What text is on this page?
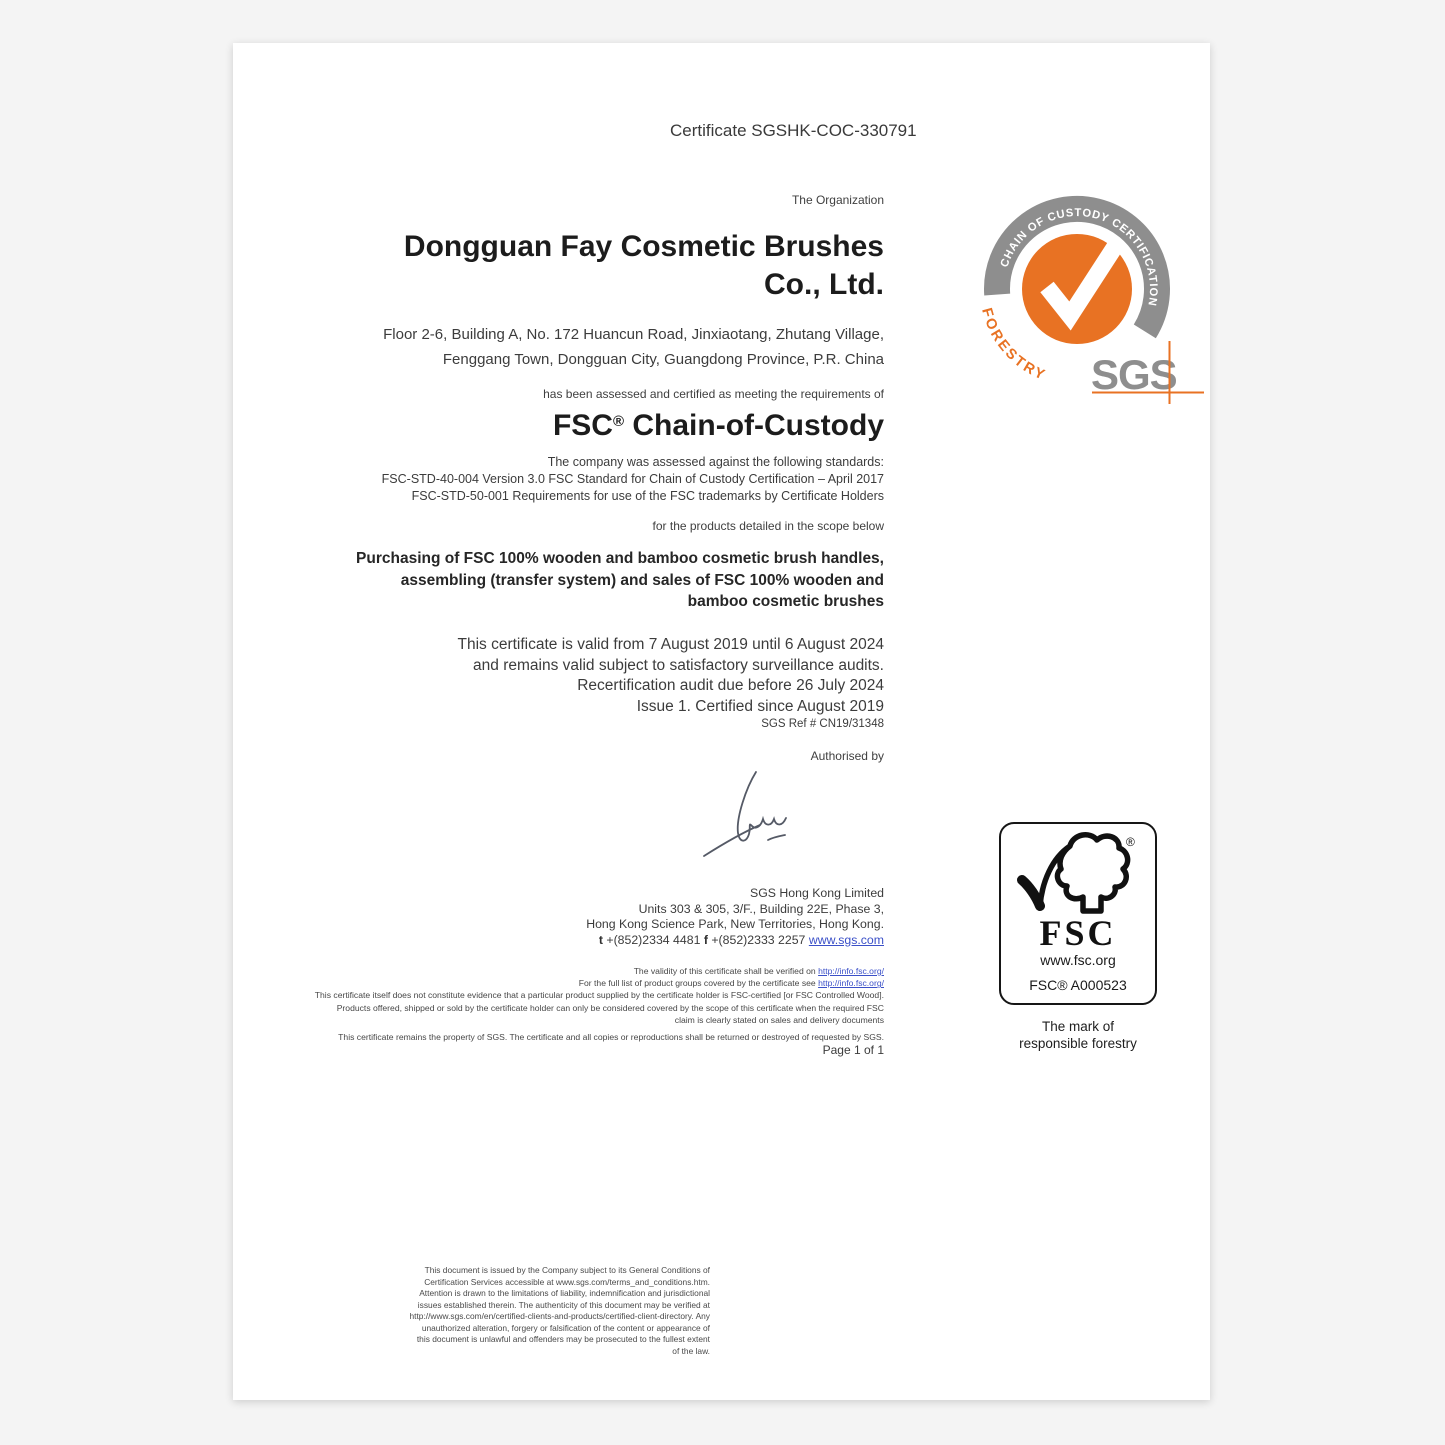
Certificate SGSHK-COC-330791
The Organization
Dongguan Fay Cosmetic Brushes
Co., Ltd.
Floor 2-6, Building A, No. 172 Huancun Road, Jinxiaotang, Zhutang Village,
Fenggang Town, Dongguan City, Guangdong Province, P.R. China
has been assessed and certified as meeting the requirements of
FSC® Chain-of-Custody
The company was assessed against the following standards:
FSC-STD-40-004 Version 3.0 FSC Standard for Chain of Custody Certification – April 2017
FSC-STD-50-001 Requirements for use of the FSC trademarks by Certificate Holders
for the products detailed in the scope below
Purchasing of FSC 100% wooden and bamboo cosmetic brush handles,
assembling (transfer system) and sales of FSC 100% wooden and
bamboo cosmetic brushes
This certificate is valid from 7 August 2019 until 6 August 2024
and remains valid subject to satisfactory surveillance audits.
Recertification audit due before 26 July 2024
Issue 1. Certified since August 2019
SGS Ref # CN19/31348
Authorised by
SGS Hong Kong Limited
Units 303 & 305, 3/F., Building 22E, Phase 3,
Hong Kong Science Park, New Territories, Hong Kong.
t +(852)2334 4481 f +(852)2333 2257 www.sgs.com
The validity of this certificate shall be verified on http://info.fsc.org/
For the full list of product groups covered by the certificate see http://info.fsc.org/
This certificate itself does not constitute evidence that a particular product supplied by the certificate holder is FSC-certified [or FSC Controlled Wood].
Products offered, shipped or sold by the certificate holder can only be considered covered by the scope of this certificate when the required FSC
claim is clearly stated on sales and delivery documents
This certificate remains the property of SGS. The certificate and all copies or reproductions shall be returned or destroyed of requested by SGS.
Page 1 of 1
This document is issued by the Company subject to its General Conditions of Certification Services accessible at www.sgs.com/terms_and_conditions.htm. Attention is drawn to the limitations of liability, indemnification and jurisdictional issues established therein. The authenticity of this document may be verified at http://www.sgs.com/en/certified-clients-and-products/certified-client-directory. Any unauthorized alteration, forgery or falsification of the content or appearance of this document is unlawful and offenders may be prosecuted to the fullest extent of the law.
CHAIN OF CUSTODY CERTIFICATION
FORESTRY SGS
®
FSC
www.fsc.org
FSC® A000523
The mark of
responsible forestry
